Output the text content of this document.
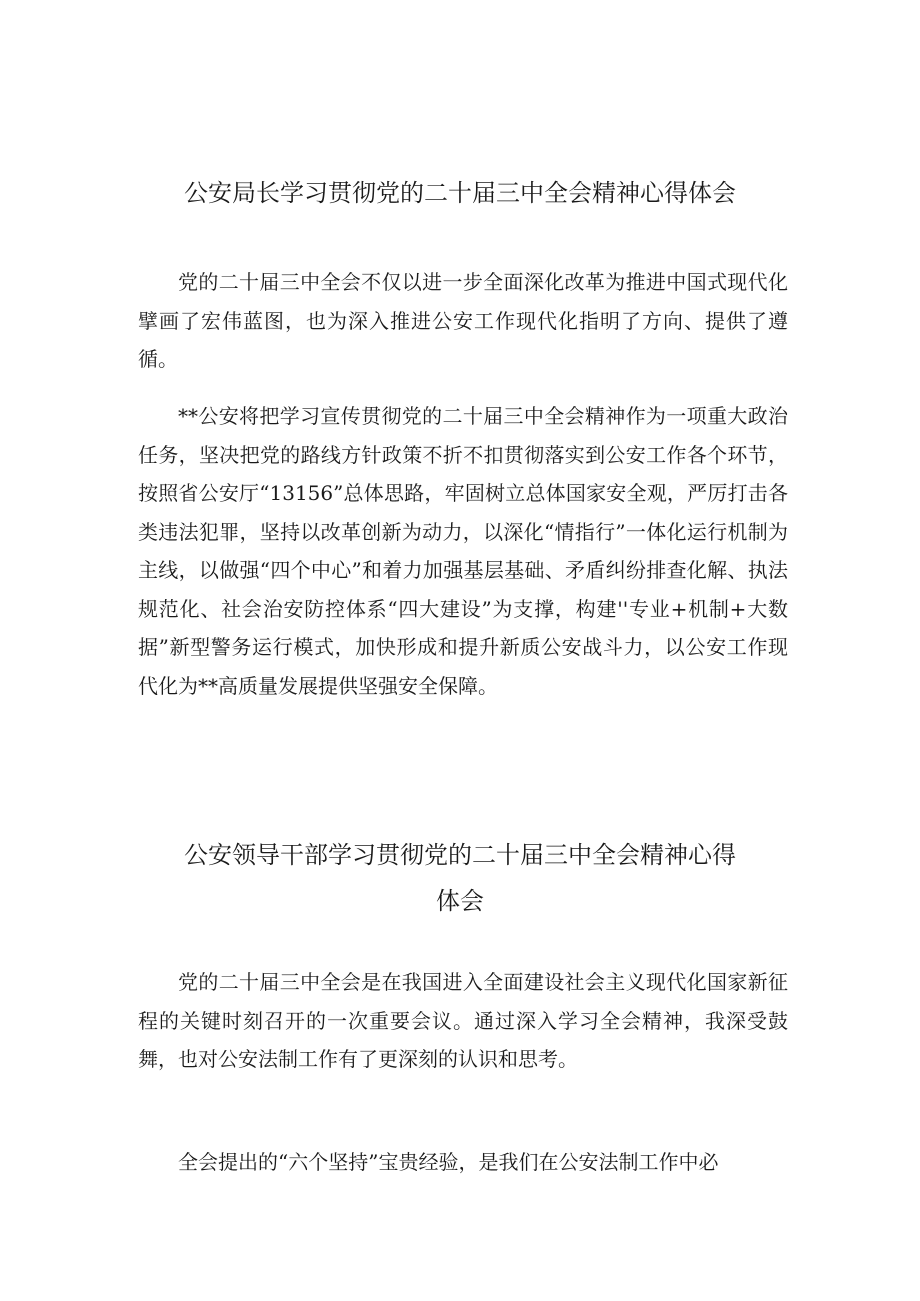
公安局长学习贯彻党的二十届三中全会精神心得体会

党的二十届三中全会不仅以进一步全面深化改革为推进中国式现代化擘画了宏伟蓝图，也为深入推进公安工作现代化指明了方向、提供了遵循。

**公安将把学习宣传贯彻党的二十届三中全会精神作为一项重大政治任务，坚决把党的路线方针政策不折不扣贯彻落实到公安工作各个环节，按照省公安厅“13156”总体思路，牢固树立总体国家安全观，严厉打击各类违法犯罪，坚持以改革创新为动力，以深化“情指行”一体化运行机制为主线，以做强“四个中心”和着力加强基层基础、矛盾纠纷排查化解、执法规范化、社会治安防控体系“四大建设”为支撑，构建''专业+机制+大数据”新型警务运行模式，加快形成和提升新质公安战斗力，以公安工作现代化为**高质量发展提供坚强安全保障。

公安领导干部学习贯彻党的二十届三中全会精神心得
体会

党的二十届三中全会是在我国进入全面建设社会主义现代化国家新征程的关键时刻召开的一次重要会议。通过深入学习全会精神，我深受鼓舞，也对公安法制工作有了更深刻的认识和思考。

全会提出的“六个坚持”宝贵经验，是我们在公安法制工作中必
